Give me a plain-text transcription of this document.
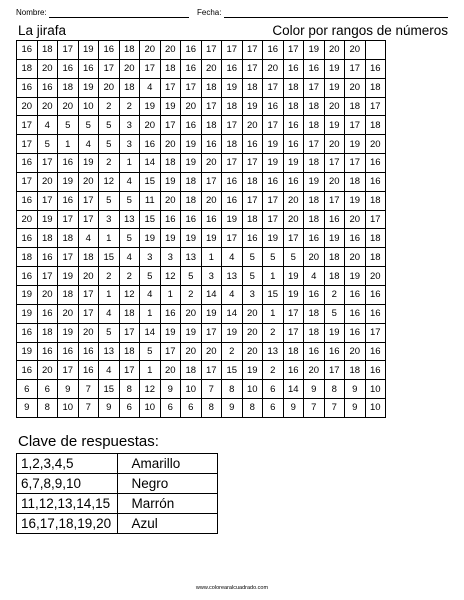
Nombre:	Fecha:
La jirafa	Color por rangos de números
16	18	17	19	16	18	20	20	16	17	17	17	16	17	19	20	20	
18	20	16	16	17	20	17	18	16	20	16	17	20	16	16	19	17	16
16	16	18	19	20	18	4	17	17	18	19	18	17	18	17	19	20	18
20	20	20	10	2	2	19	19	20	17	18	19	16	18	18	20	18	17
17	4	5	5	5	3	20	17	16	18	17	20	17	16	18	19	17	18
17	5	1	4	5	3	16	20	19	16	18	16	19	16	17	20	19	20
16	17	16	19	2	1	14	18	19	20	17	17	19	19	18	17	17	16
17	20	19	20	12	4	15	19	18	17	16	18	16	16	19	20	18	16
16	17	16	17	5	5	11	20	18	20	16	17	17	20	18	17	19	18
20	19	17	17	3	13	15	16	16	16	19	18	17	20	18	16	20	17
16	18	18	4	1	5	19	19	19	19	17	16	19	17	16	19	16	18
18	16	17	18	15	4	3	3	13	1	4	5	5	5	20	18	20	18
16	17	19	20	2	2	5	12	5	3	13	5	1	19	4	18	19	20
19	20	18	17	1	12	4	1	2	14	4	3	15	19	16	2	16	16
19	16	20	17	4	18	1	16	20	19	14	20	1	17	18	5	16	16
16	18	19	20	5	17	14	19	19	17	19	20	2	17	18	19	16	17
19	16	16	16	13	18	5	17	20	20	2	20	13	18	16	16	20	16
16	20	17	16	4	17	1	20	18	17	15	19	2	16	20	17	18	16
6	6	9	7	15	8	12	9	10	7	8	10	6	14	9	8	9	10
9	8	10	7	9	6	10	6	6	8	9	8	6	9	7	7	9	10
Clave de respuestas:
1,2,3,4,5	Amarillo
6,7,8,9,10	Negro
11,12,13,14,15	Marrón
16,17,18,19,20	Azul
www.colorearalcuadrado.com
